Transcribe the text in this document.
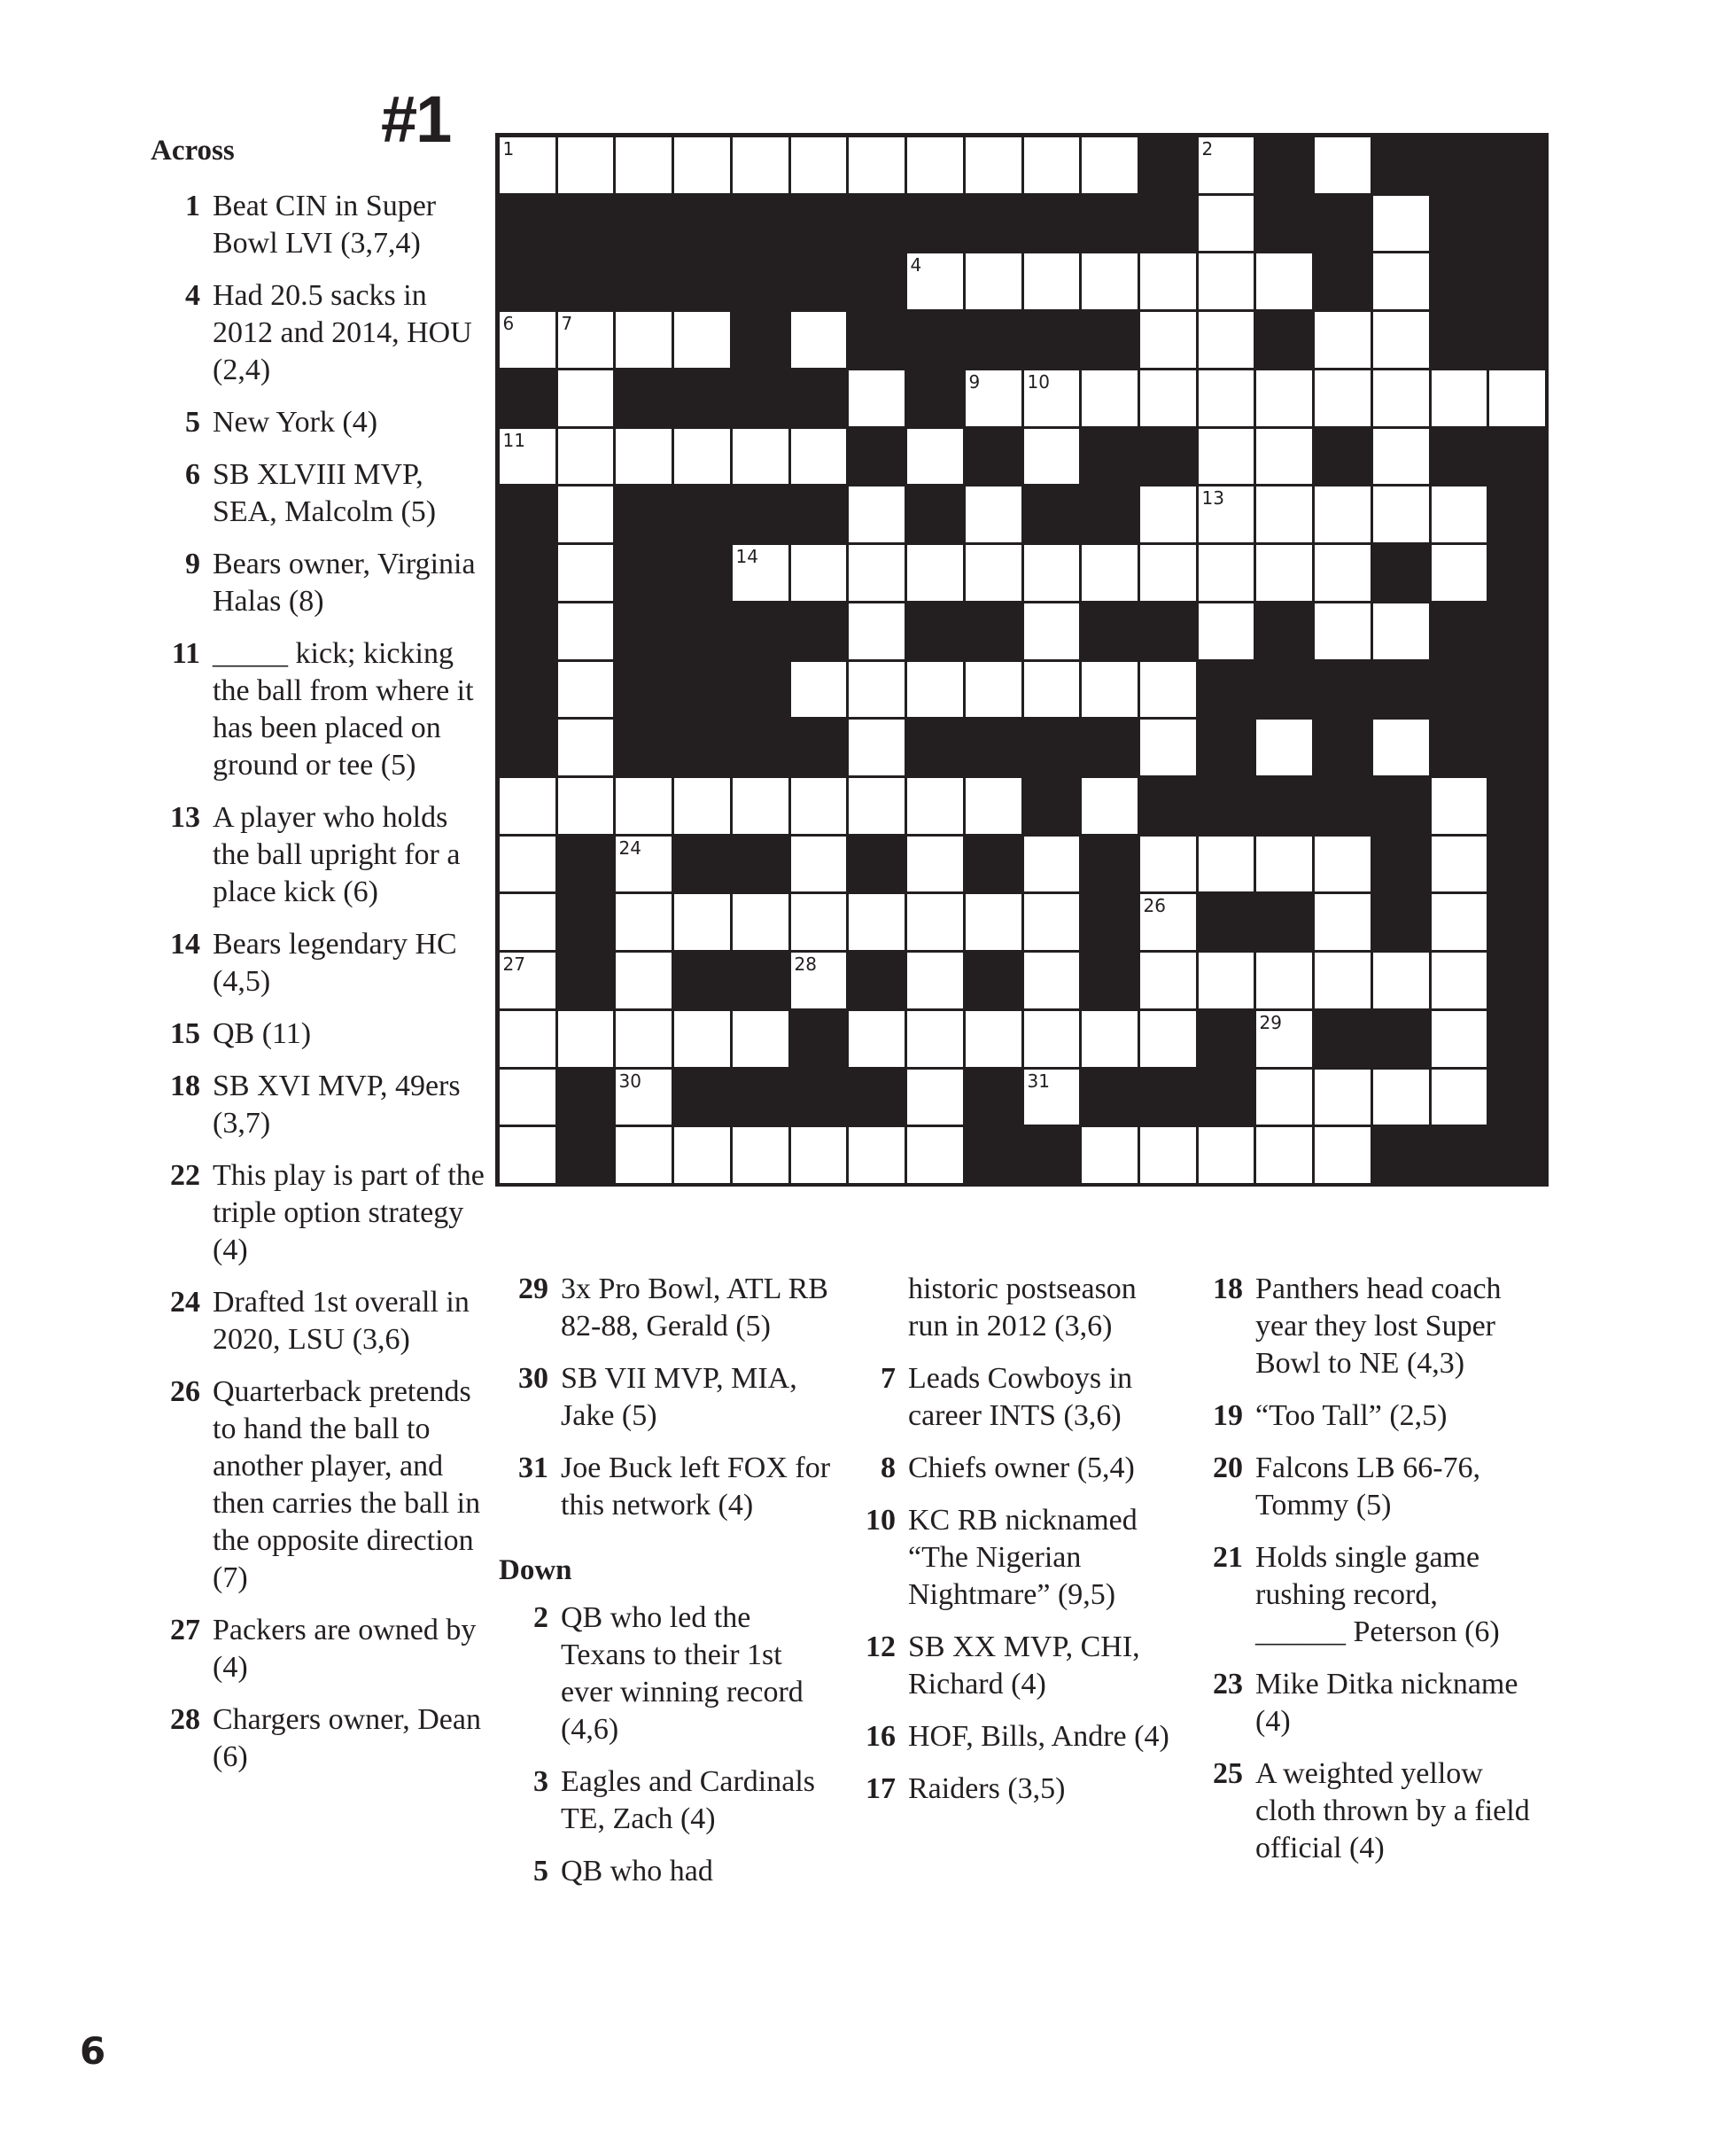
#1
Across
1 Beat CIN in Super Bowl LVI (3,7,4)
4 Had 20.5 sacks in 2012 and 2014, HOU (2,4)
5 New York (4)
6 SB XLVIII MVP, SEA, Malcolm (5)
9 Bears owner, Virginia Halas (8)
11 _____ kick; kicking the ball from where it has been placed on ground or tee (5)
13 A player who holds the ball upright for a place kick (6)
14 Bears legendary HC (4,5)
15 QB (11)
18 SB XVI MVP, 49ers (3,7)
22 This play is part of the triple option strategy (4)
24 Drafted 1st overall in 2020, LSU (3,6)
26 Quarterback pretends to hand the ball to another player, and then carries the ball in the opposite direction (7)
27 Packers are owned by (4)
28 Chargers owner, Dean (6)
1	2
4
6	7
9	10
11
13
14
24
26
27	28
29
30	31
29 3x Pro Bowl, ATL RB 82-88, Gerald (5)
30 SB VII MVP, MIA, Jake (5)
31 Joe Buck left FOX for this network (4)
Down
2 QB who led the Texans to their 1st ever winning record (4,6)
3 Eagles and Cardinals TE, Zach (4)
5 QB who had
historic postseason run in 2012 (3,6)
7 Leads Cowboys in career INTS (3,6)
8 Chiefs owner (5,4)
10 KC RB nicknamed “The Nigerian Nightmare” (9,5)
12 SB XX MVP, CHI, Richard (4)
16 HOF, Bills, Andre (4)
17 Raiders (3,5)
18 Panthers head coach year they lost Super Bowl to NE (4,3)
19 “Too Tall” (2,5)
20 Falcons LB 66-76, Tommy (5)
21 Holds single game rushing record, ______ Peterson (6)
23 Mike Ditka nickname (4)
25 A weighted yellow cloth thrown by a field official (4)
6
